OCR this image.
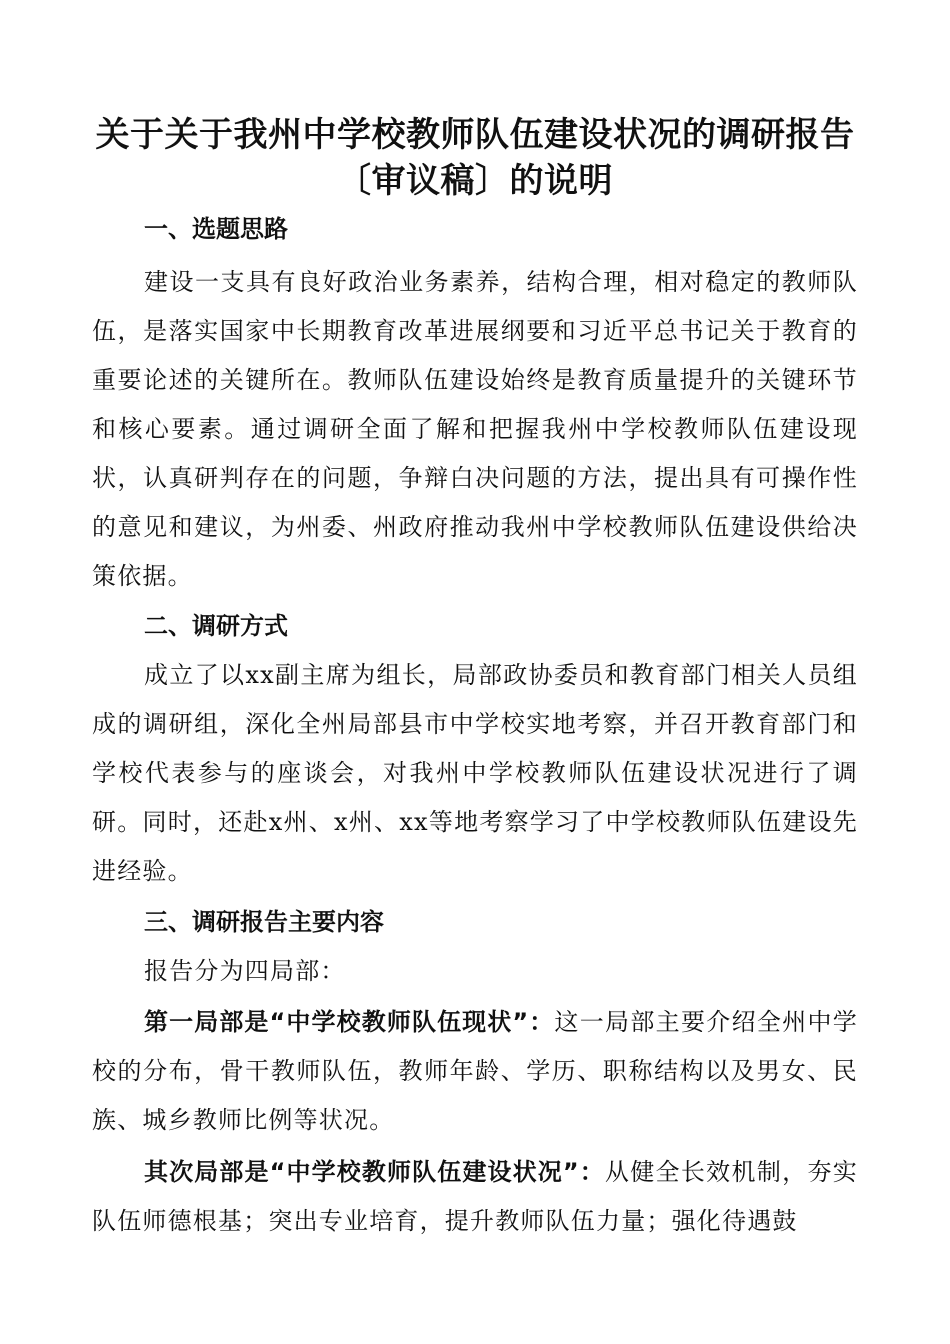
关于关于我州中学校教师队伍建设状况的调研报告〔审议稿〕的说明
一、选题思路
建设一支具有良好政治业务素养，结构合理，相对稳定的教师队伍，是落实国家中长期教育改革进展纲要和习近平总书记关于教育的重要论述的关键所在。教师队伍建设始终是教育质量提升的关键环节和核心要素。通过调研全面了解和把握我州中学校教师队伍建设现状，认真研判存在的问题，争辩白决问题的方法，提出具有可操作性的意见和建议，为州委、州政府推动我州中学校教师队伍建设供给决策依据。
二、调研方式
成立了以xx副主席为组长，局部政协委员和教育部门相关人员组成的调研组，深化全州局部县市中学校实地考察，并召开教育部门和学校代表参与的座谈会，对我州中学校教师队伍建设状况进行了调研。同时，还赴x州、x州、xx等地考察学习了中学校教师队伍建设先进经验。
三、调研报告主要内容
报告分为四局部：
第一局部是“中学校教师队伍现状”：这一局部主要介绍全州中学校的分布，骨干教师队伍，教师年龄、学历、职称结构以及男女、民族、城乡教师比例等状况。
其次局部是“中学校教师队伍建设状况”：从健全长效机制，夯实队伍师德根基；突出专业培育，提升教师队伍力量；强化待遇鼓
